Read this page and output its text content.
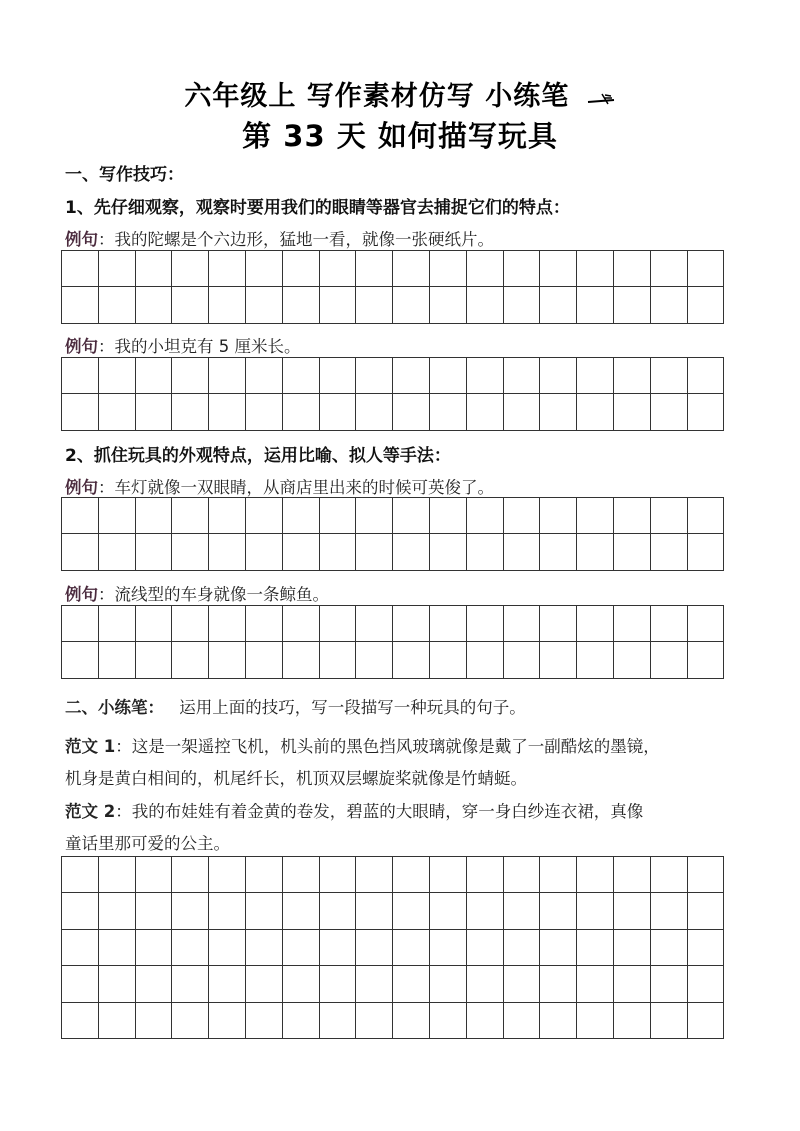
六年级上 写作素材仿写 小练笔
第 33 天 如何描写玩具
一、写作技巧：
1、先仔细观察，观察时要用我们的眼睛等器官去捕捉它们的特点：
例句：我的陀螺是个六边形，猛地一看，就像一张硬纸片。
例句：我的小坦克有 5 厘米长。
2、抓住玩具的外观特点，运用比喻、拟人等手法：
例句：车灯就像一双眼睛，从商店里出来的时候可英俊了。
例句：流线型的车身就像一条鲸鱼。
二、小练笔： 运用上面的技巧，写一段描写一种玩具的句子。
范文 1：这是一架遥控飞机，机头前的黑色挡风玻璃就像是戴了一副酷炫的墨镜，
机身是黄白相间的，机尾纤长，机顶双层螺旋桨就像是竹蜻蜓。
范文 2：我的布娃娃有着金黄的卷发，碧蓝的大眼睛，穿一身白纱连衣裙，真像
童话里那可爱的公主。
